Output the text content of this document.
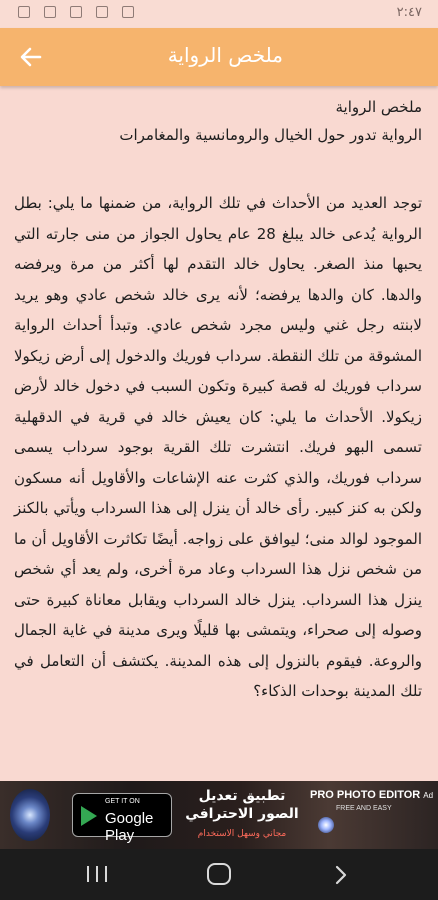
٢:٤٧
ملخص الرواية
ملخص الرواية
الرواية تدور حول الخيال والرومانسية والمغامرات
توجد العديد من الأحداث في تلك الرواية، من ضمنها ما يلي: بطل الرواية يُدعى خالد يبلغ 28 عام يحاول الجواز من منى جارته التي يحبها منذ الصغر. يحاول خالد التقدم لها أكثر من مرة ويرفضه والدها. كان والدها يرفضه؛ لأنه يرى خالد شخص عادي وهو يريد لابنته رجل غني وليس مجرد شخص عادي. وتبدأ أحداث الرواية المشوقة من تلك النقطة. سرداب فوريك والدخول إلى أرض زيكولا سرداب فوريك له قصة كبيرة وتكون السبب في دخول خالد لأرض زيكولا. الأحداث ما يلي: كان يعيش خالد في قرية في الدقهلية تسمى البهو فريك. انتشرت تلك القرية بوجود سرداب يسمى سرداب فوريك، والذي كثرت عنه الإشاعات والأقاويل أنه مسكون ولكن به كنز كبير. رأى خالد أن ينزل إلى هذا السرداب ويأتي بالكنز الموجود لوالد منى؛ ليوافق على زواجه. أيضًا تكاثرت الأقاويل أن ما من شخص نزل هذا السرداب وعاد مرة أخرى، ولم يعد أي شخص ينزل هذا السرداب. ينزل خالد السرداب ويقابل معاناة كبيرة حتى وصوله إلى صحراء، ويتمشى بها قليلًا ويرى مدينة في غاية الجمال والروعة. فيقوم بالنزول إلى هذه المدينة. يكتشف أن التعامل في تلك المدينة بوحدات الذكاء؟
GET IT ON
Google Play
تطبيق تعديل الصور الاحترافي
مجاني وسهل الاستخدام
PRO PHOTO EDITOR Ad
FREE AND EASY
